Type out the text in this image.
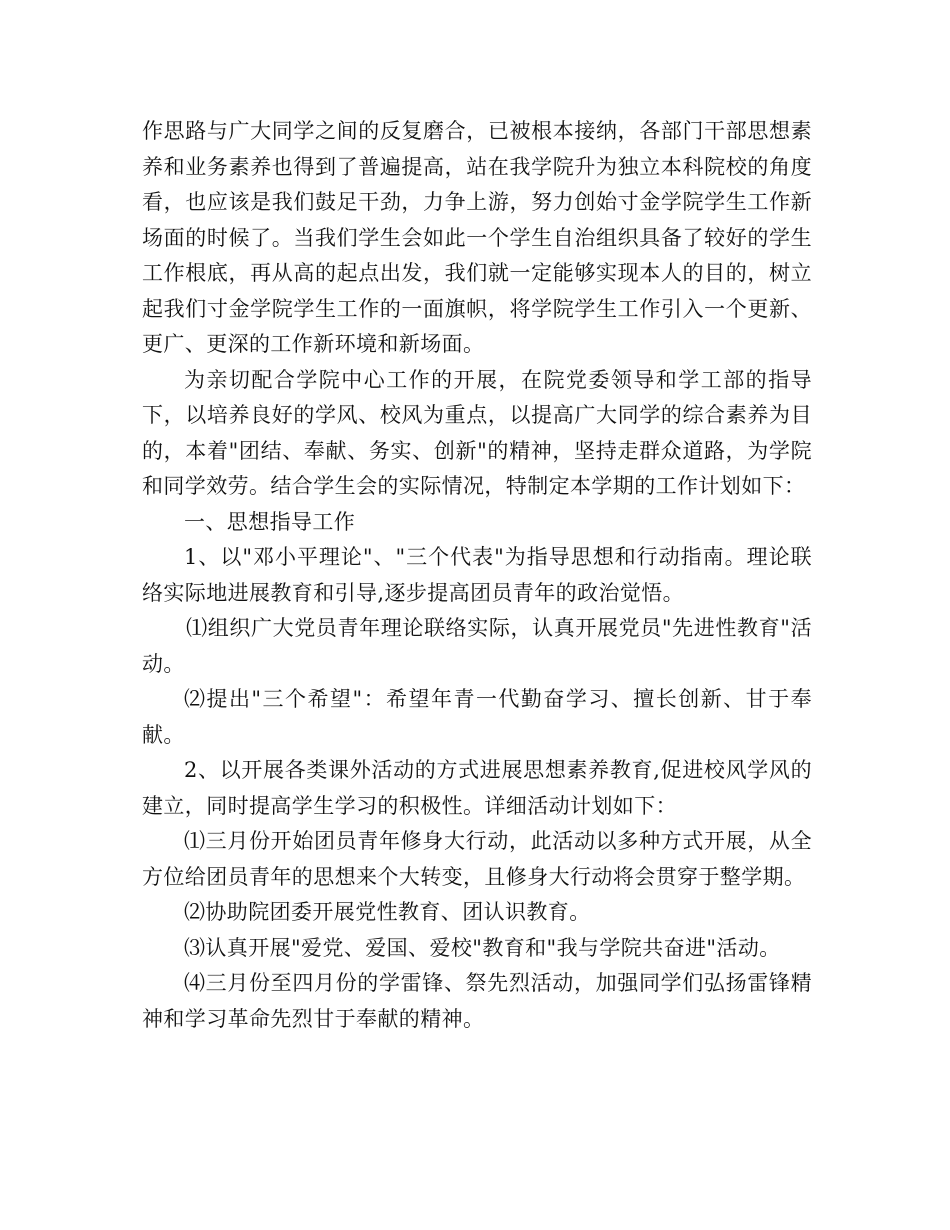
作思路与广大同学之间的反复磨合，已被根本接纳，各部门干部思想素养和业务素养也得到了普遍提高，站在我学院升为独立本科院校的角度看，也应该是我们鼓足干劲，力争上游，努力创始寸金学院学生工作新场面的时候了。当我们学生会如此一个学生自治组织具备了较好的学生工作根底，再从高的起点出发，我们就一定能够实现本人的目的，树立起我们寸金学院学生工作的一面旗帜，将学院学生工作引入一个更新、更广、更深的工作新环境和新场面。

为亲切配合学院中心工作的开展，在院党委领导和学工部的指导下，以培养良好的学风、校风为重点，以提高广大同学的综合素养为目的，本着"团结、奉献、务实、创新"的精神，坚持走群众道路，为学院和同学效劳。结合学生会的实际情况，特制定本学期的工作计划如下：

一、思想指导工作

1、以"邓小平理论"、"三个代表"为指导思想和行动指南。理论联络实际地进展教育和引导,逐步提高团员青年的政治觉悟。

⑴组织广大党员青年理论联络实际，认真开展党员"先进性教育"活动。

⑵提出"三个希望"：希望年青一代勤奋学习、擅长创新、甘于奉献。

2、以开展各类课外活动的方式进展思想素养教育,促进校风学风的建立，同时提高学生学习的积极性。详细活动计划如下：

⑴三月份开始团员青年修身大行动，此活动以多种方式开展，从全方位给团员青年的思想来个大转变，且修身大行动将会贯穿于整学期。

⑵协助院团委开展党性教育、团认识教育。

⑶认真开展"爱党、爱国、爱校"教育和"我与学院共奋进"活动。

⑷三月份至四月份的学雷锋、祭先烈活动，加强同学们弘扬雷锋精神和学习革命先烈甘于奉献的精神。
